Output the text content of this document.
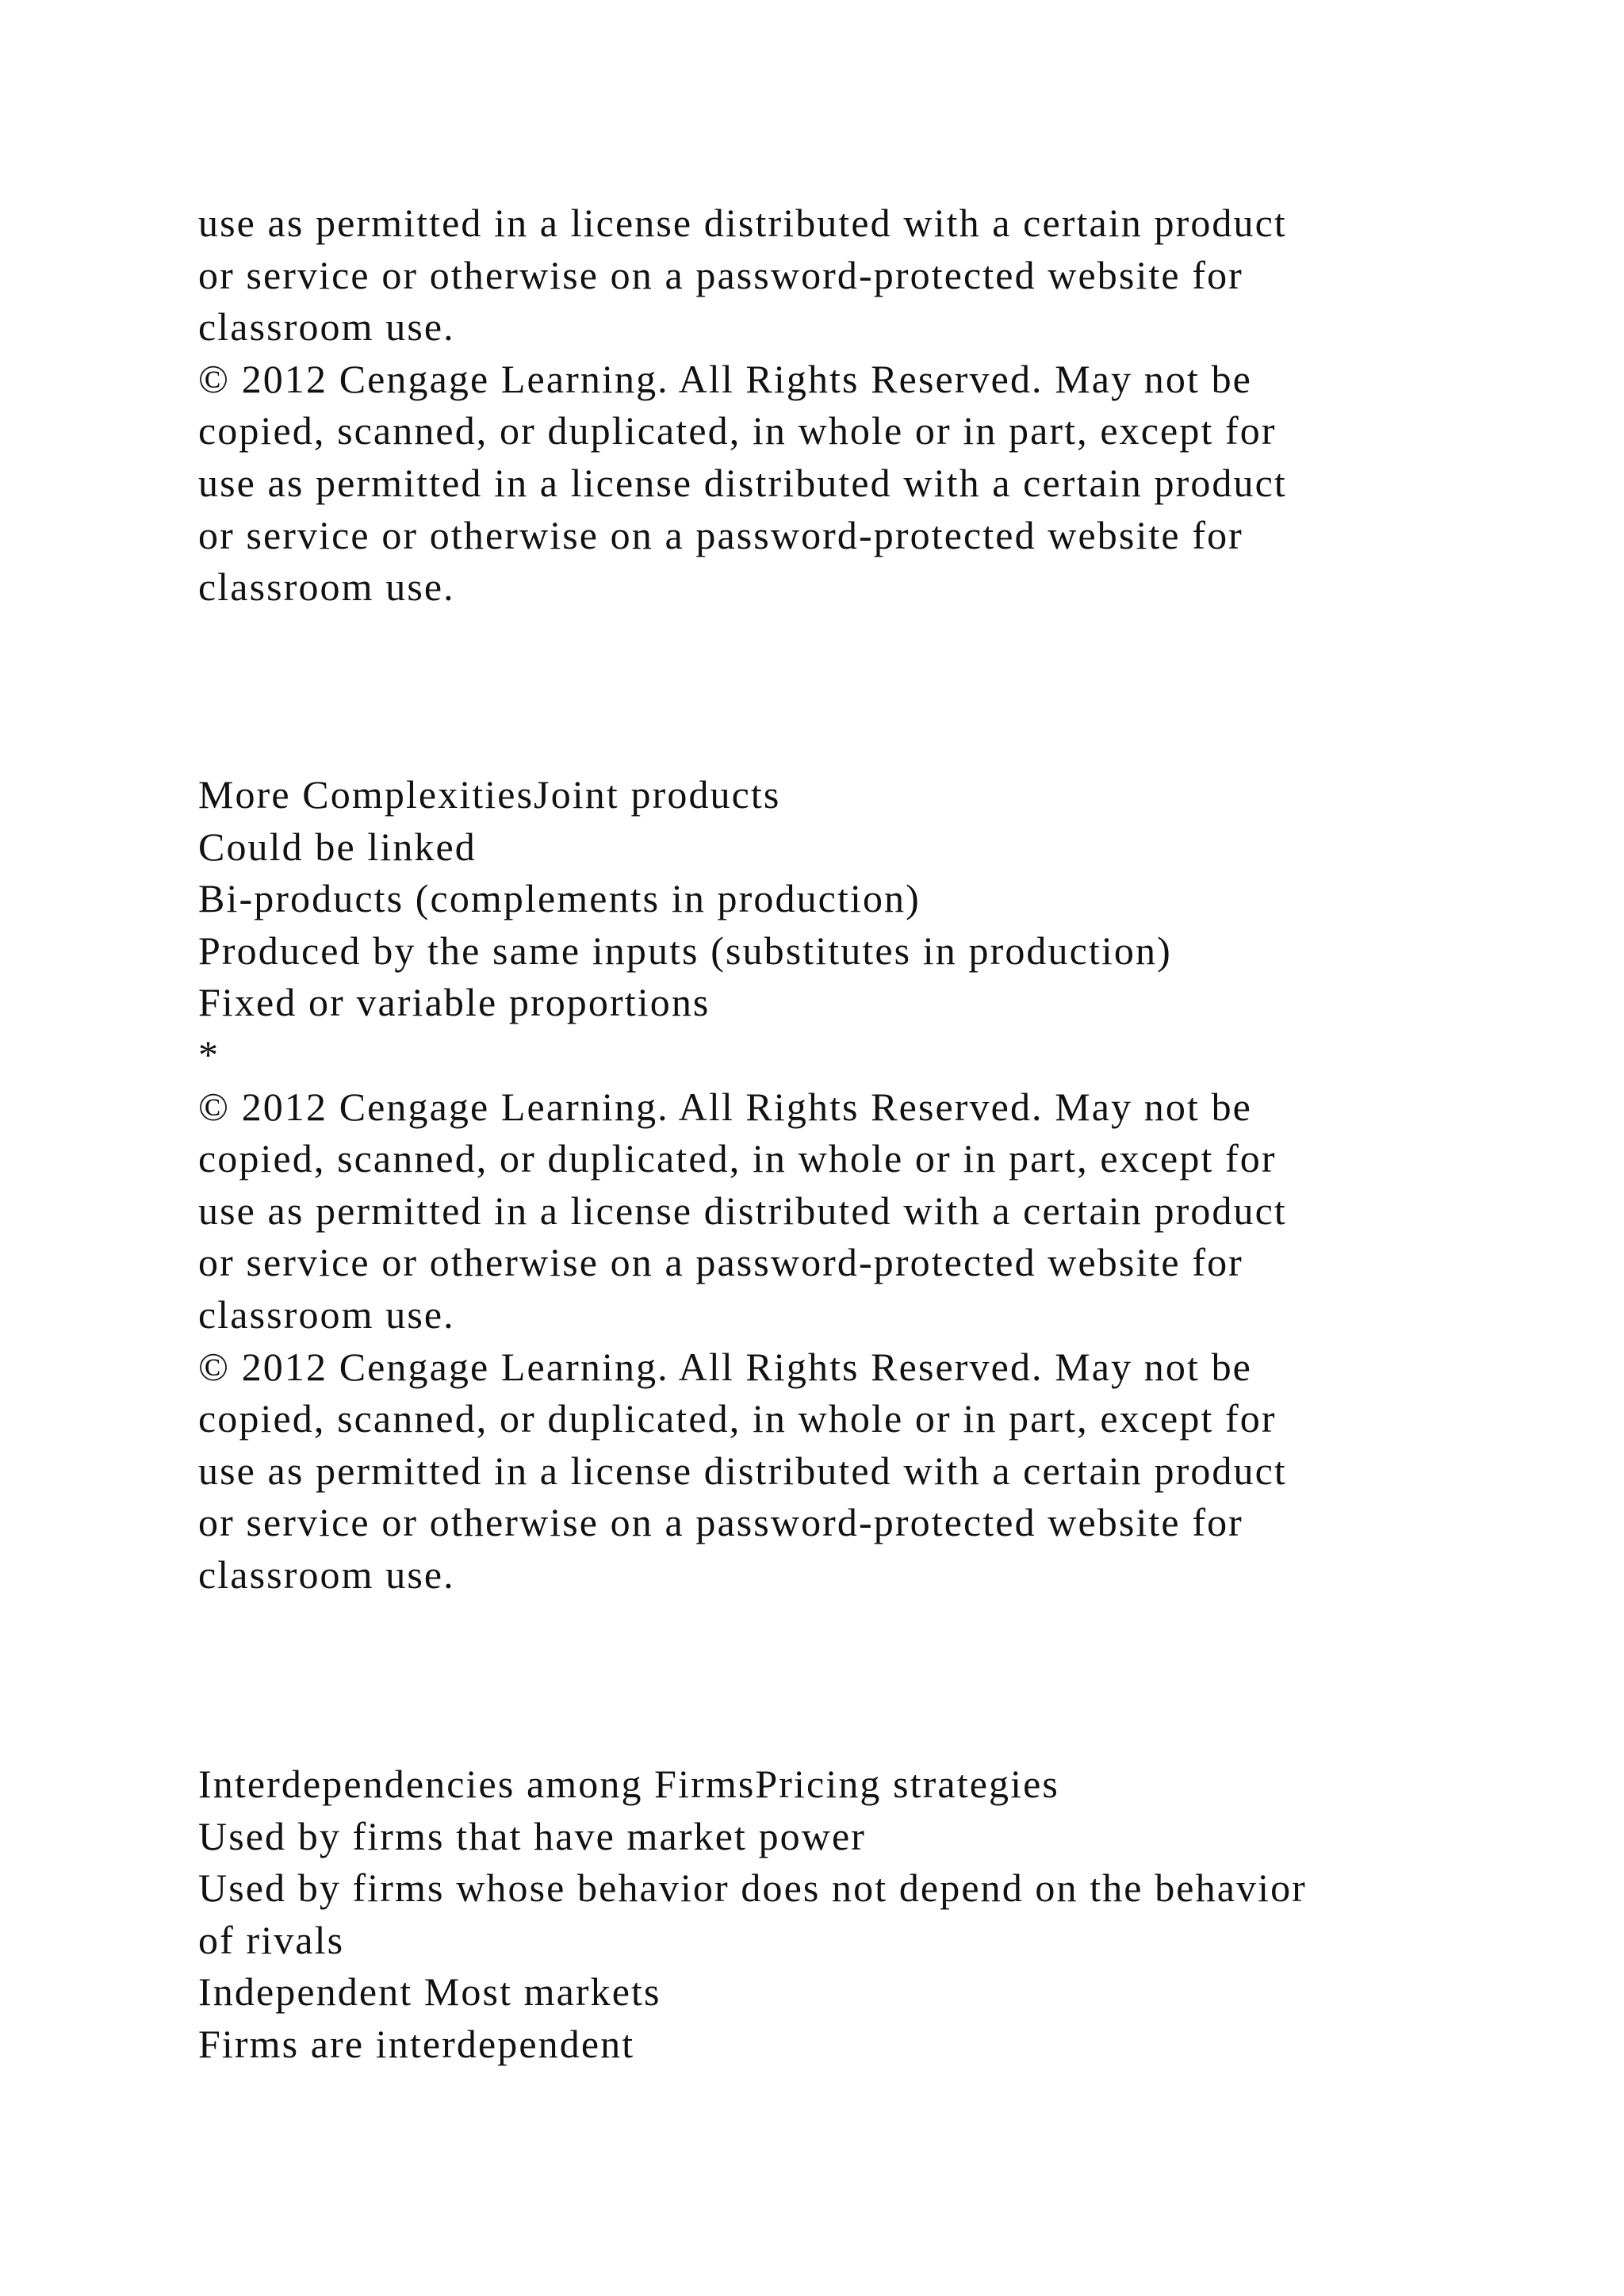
use as permitted in a license distributed with a certain product
or service or otherwise on a password-protected website for
classroom use.
© 2012 Cengage Learning. All Rights Reserved. May not be
copied, scanned, or duplicated, in whole or in part, except for
use as permitted in a license distributed with a certain product
or service or otherwise on a password-protected website for
classroom use.
More ComplexitiesJoint products
Could be linked
Bi-products (complements in production)
Produced by the same inputs (substitutes in production)
Fixed or variable proportions
*
© 2012 Cengage Learning. All Rights Reserved. May not be
copied, scanned, or duplicated, in whole or in part, except for
use as permitted in a license distributed with a certain product
or service or otherwise on a password-protected website for
classroom use.
© 2012 Cengage Learning. All Rights Reserved. May not be
copied, scanned, or duplicated, in whole or in part, except for
use as permitted in a license distributed with a certain product
or service or otherwise on a password-protected website for
classroom use.
Interdependencies among FirmsPricing strategies
Used by firms that have market power
Used by firms whose behavior does not depend on the behavior
of rivals
Independent Most markets
Firms are interdependent
